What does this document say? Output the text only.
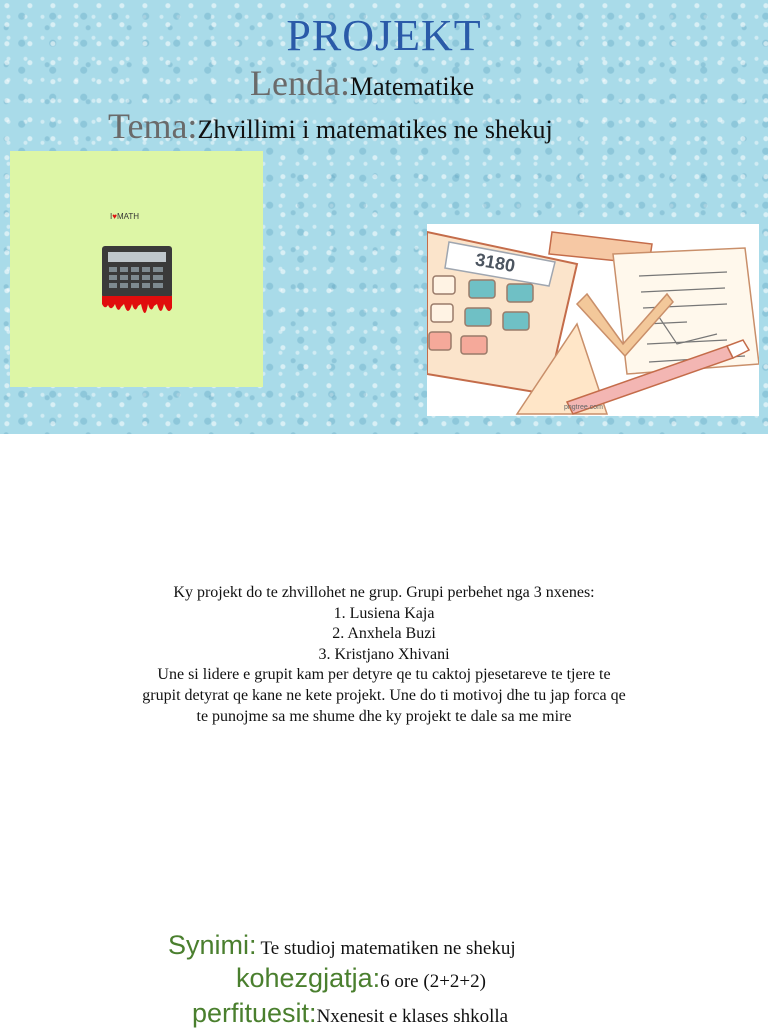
PROJEKT
Lenda:Matematike
Tema:Zhvillimi i matematikes ne shekuj
I♥MATH
3180
pngtree.com
Ky projekt do te zhvillohet ne grup. Grupi perbehet nga 3 nxenes:
1. Lusiena Kaja
2. Anxhela Buzi
3. Kristjano Xhivani
Une si lidere e grupit kam per detyre qe tu caktoj pjesetareve te tjere te
grupit detyrat qe kane ne kete projekt. Une do ti motivoj dhe tu jap forca qe
te punojme sa me shume dhe ky projekt te dale sa me mire
Synimi: Te studioj matematiken ne shekuj
kohezgjatja:6 ore (2+2+2)
perfituesit:Nxenesit e klases shkolla
